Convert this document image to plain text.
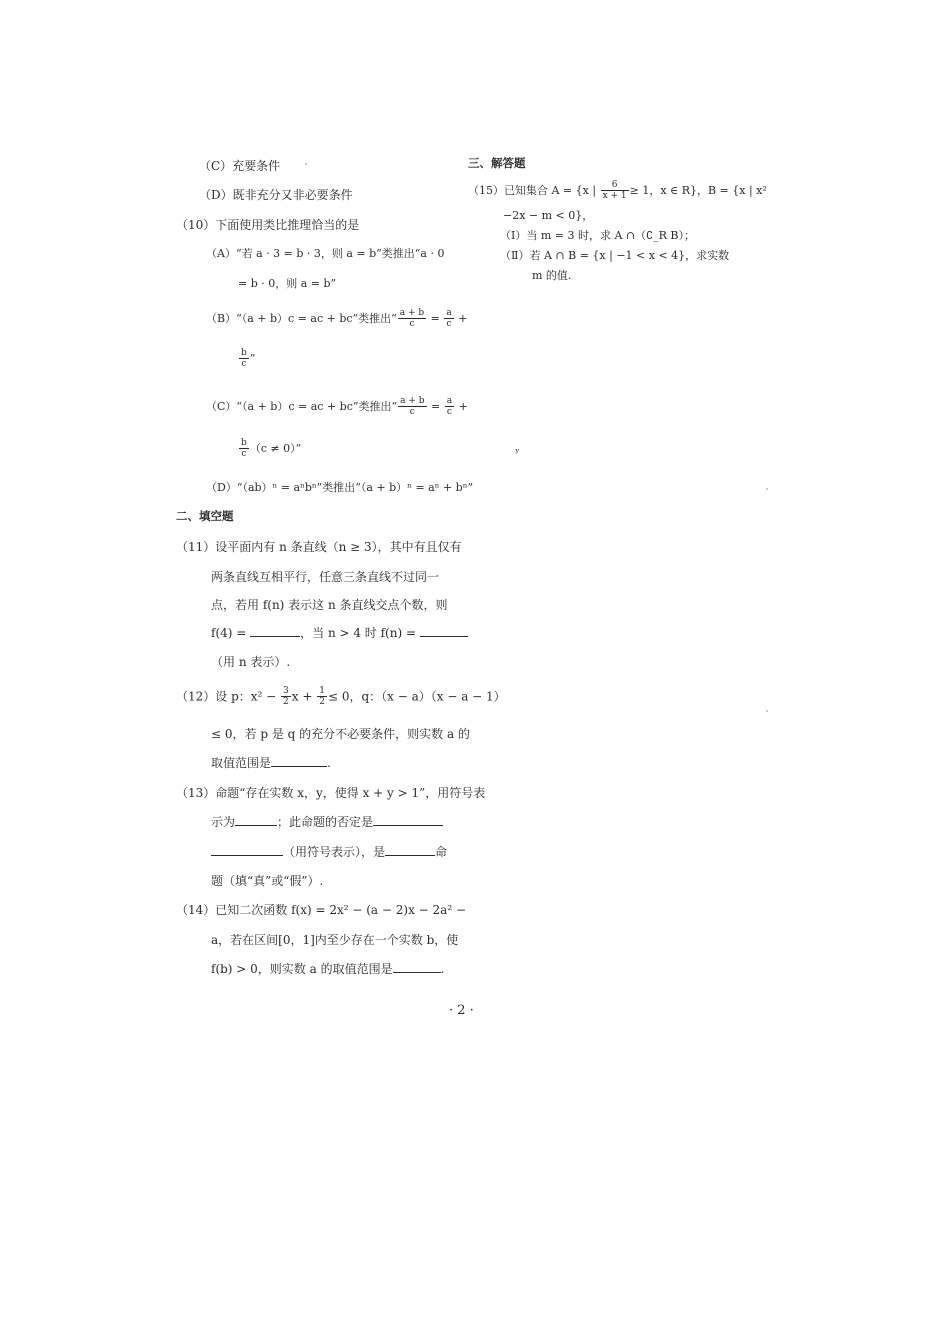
（C）充要条件
（D）既非充分又非必要条件
（10）下面使用类比推理恰当的是
（A）“若 a · 3 = b · 3，则 a = b”类推出“a · 0
= b · 0，则 a = b”
（B）“（a + b）c = ac + bc”类推出“ $\frac{a + b}{c} = \frac{a}{c}$ +
$\frac{b}{c}$ ”
（C）“（a + b）c = ac + bc”类推出“ $\frac{a + b}{c} = \frac{a}{c}$ +
$\frac{b}{c} (c \ne 0)$”
（D）“（ab）ⁿ = aⁿbⁿ”类推出“（a + b）ⁿ = aⁿ + bⁿ”
二、填空题
（11）设平面内有 n 条直线（n ≥ 3），其中有且仅有
两条直线互相平行，任意三条直线不过同一
点，若用 f(n) 表示这 n 条直线交点个数，则
f(4) =	，当 n > 4 时 f(n) =
（用 n 表示）.
（12）设 p：$x^2 - \frac{3}{2}$ $x + \frac{1}{2} \le 0$，q：（x − a）（x − a − 1）
≤ 0，若 p 是 q 的充分不必要条件，则实数 a 的
取值范围是	.
（13）命题“存在实数 x，y，使得 x + y > 1”，用符号表
示为	；此命题的否定是
（用符号表示），是	命
题（填“真”或“假”）.
（14）已知二次函数 f(x) = 2x² − (a − 2)x − 2a² −
a，若在区间[0，1]内至少存在一个实数 b，使
f(b) > 0，则实数 a 的取值范围是	.
三、解答题
（15）已知集合 A = {x | $\frac{6}{x + 1} \ge 1$，x ∈ R}，B = {x | x²
−2x − m < 0}，
（Ⅰ）当 m = 3 时，求 A ∩（∁_R B）；
（Ⅱ）若 A ∩ B = {x | −1 < x < 4}，求实数
m 的值.
ʸ
· 2 ·
